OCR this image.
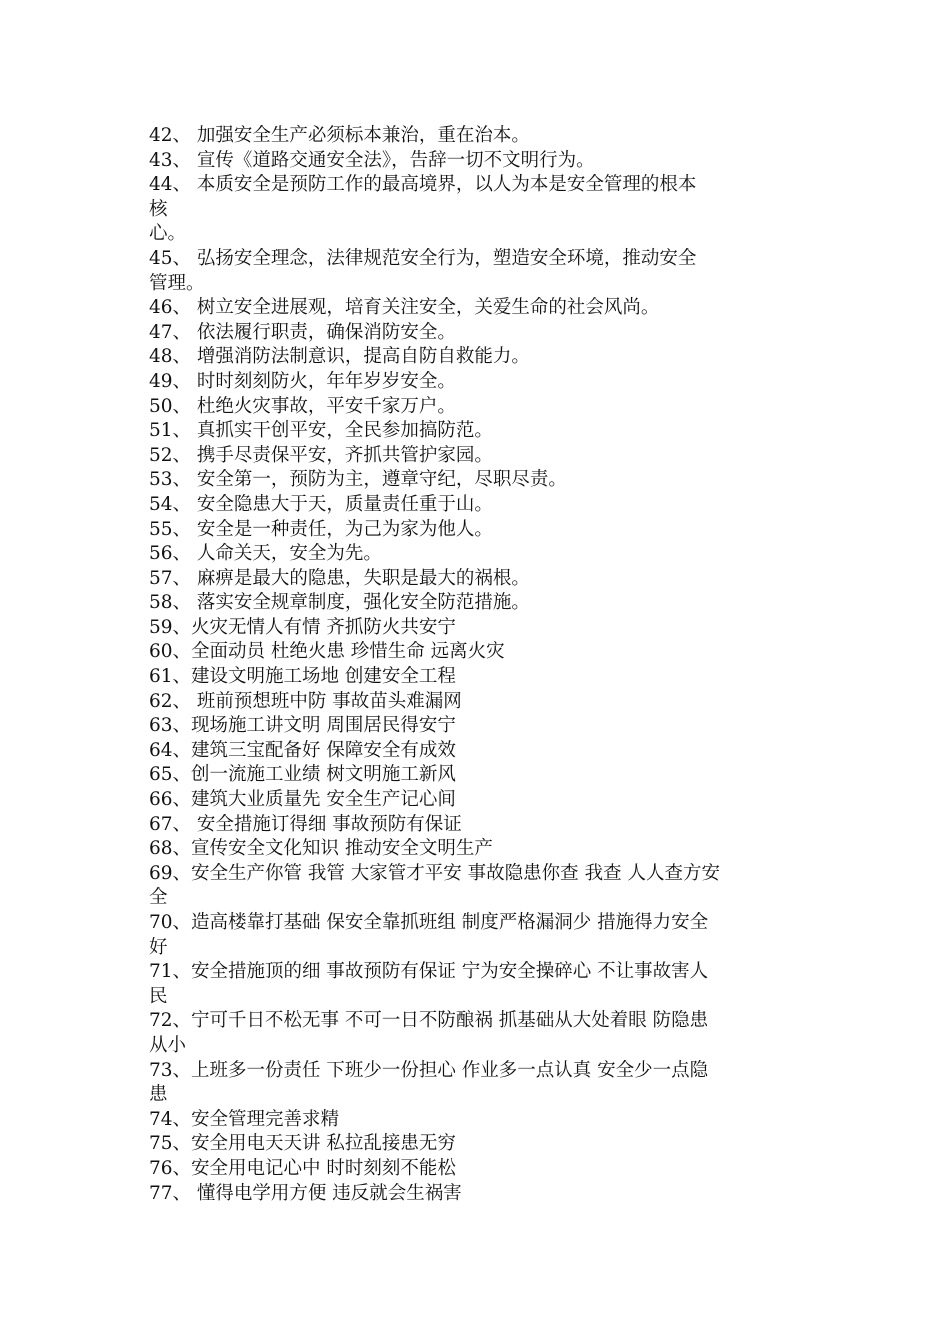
42、 加强安全生产必须标本兼治，重在治本。
43、 宣传《道路交通安全法》，告辞一切不文明行为。
44、 本质安全是预防工作的最高境界，以人为本是安全管理的根本
核
心。
45、 弘扬安全理念，法律规范安全行为，塑造安全环境，推动安全
管理。
46、 树立安全进展观，培育关注安全，关爱生命的社会风尚。
47、 依法履行职责，确保消防安全。
48、 增强消防法制意识，提高自防自救能力。
49、 时时刻刻防火，年年岁岁安全。
50、 杜绝火灾事故，平安千家万户。
51、 真抓实干创平安，全民参加搞防范。
52、 携手尽责保平安，齐抓共管护家园。
53、 安全第一，预防为主，遵章守纪，尽职尽责。
54、 安全隐患大于天，质量责任重于山。
55、 安全是一种责任，为己为家为他人。
56、 人命关天，安全为先。
57、 麻痹是最大的隐患，失职是最大的祸根。
58、 落实安全规章制度，强化安全防范措施。
59、火灾无情人有情 齐抓防火共安宁
60、全面动员 杜绝火患 珍惜生命 远离火灾
61、建设文明施工场地 创建安全工程
62、 班前预想班中防 事故苗头难漏网
63、现场施工讲文明 周围居民得安宁
64、建筑三宝配备好 保障安全有成效
65、创一流施工业绩 树文明施工新风
66、建筑大业质量先 安全生产记心间
67、 安全措施订得细 事故预防有保证
68、宣传安全文化知识 推动安全文明生产
69、安全生产你管 我管 大家管才平安 事故隐患你查 我查 人人查方安
全
70、造高楼靠打基础 保安全靠抓班组 制度严格漏洞少 措施得力安全
好
71、安全措施顶的细 事故预防有保证 宁为安全操碎心 不让事故害人
民
72、宁可千日不松无事 不可一日不防酿祸 抓基础从大处着眼 防隐患
从小
73、上班多一份责任 下班少一份担心 作业多一点认真 安全少一点隐
患
74、安全管理完善求精
75、安全用电天天讲 私拉乱接患无穷
76、安全用电记心中 时时刻刻不能松
77、 懂得电学用方便 违反就会生祸害
